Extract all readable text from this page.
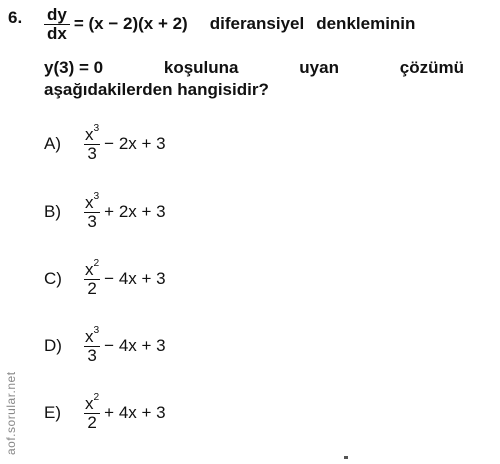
6. $\frac{dy}{dx} = (x - 2)(x + 2)$ diferansiyel denkleminin
y(3) = 0	koşuluna	uyan	çözümü
aşağıdakilerden hangisidir?
A)	$\frac{x^3}{3} - 2x + 3$
B)	$\frac{x^3}{3} + 2x + 3$
C)	$\frac{x^2}{2} - 4x + 3$
D)	$\frac{x^3}{3} - 4x + 3$
E)	$\frac{x^2}{2} + 4x + 3$
aof.sorular.net
